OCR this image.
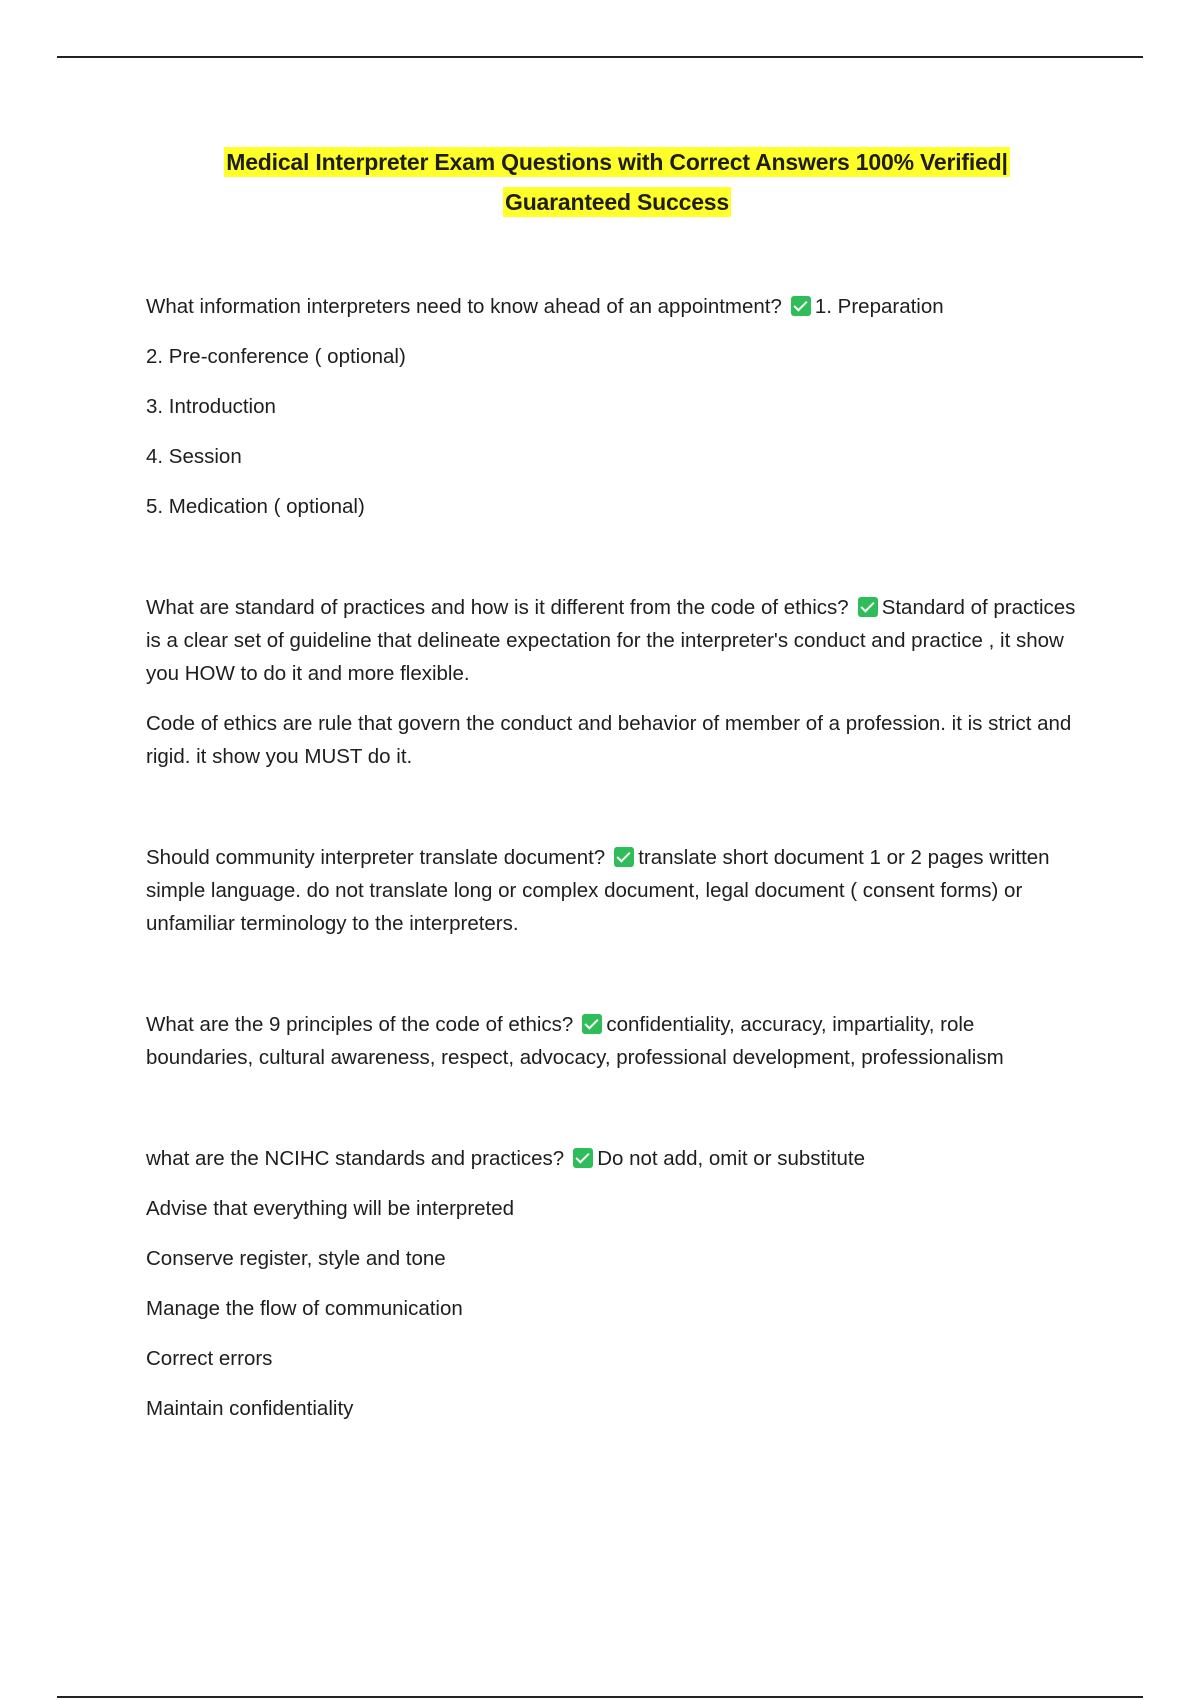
Medical Interpreter Exam Questions with Correct Answers 100% Verified|
Guaranteed Success

What information interpreters need to know ahead of an appointment? 1. Preparation

2. Pre-conference ( optional)

3. Introduction

4. Session

5. Medication ( optional)

What are standard of practices and how is it different from the code of ethics? Standard of practices is a clear set of guideline that delineate expectation for the interpreter's conduct and practice , it show you HOW to do it and more flexible.

Code of ethics are rule that govern the conduct and behavior of member of a profession. it is strict and rigid. it show you MUST do it.

Should community interpreter translate document? translate short document 1 or 2 pages written simple language. do not translate long or complex document, legal document ( consent forms) or unfamiliar terminology to the interpreters.

What are the 9 principles of the code of ethics? confidentiality, accuracy, impartiality, role boundaries, cultural awareness, respect, advocacy, professional development, professionalism

what are the NCIHC standards and practices? Do not add, omit or substitute

Advise that everything will be interpreted

Conserve register, style and tone

Manage the flow of communication

Correct errors

Maintain confidentiality
